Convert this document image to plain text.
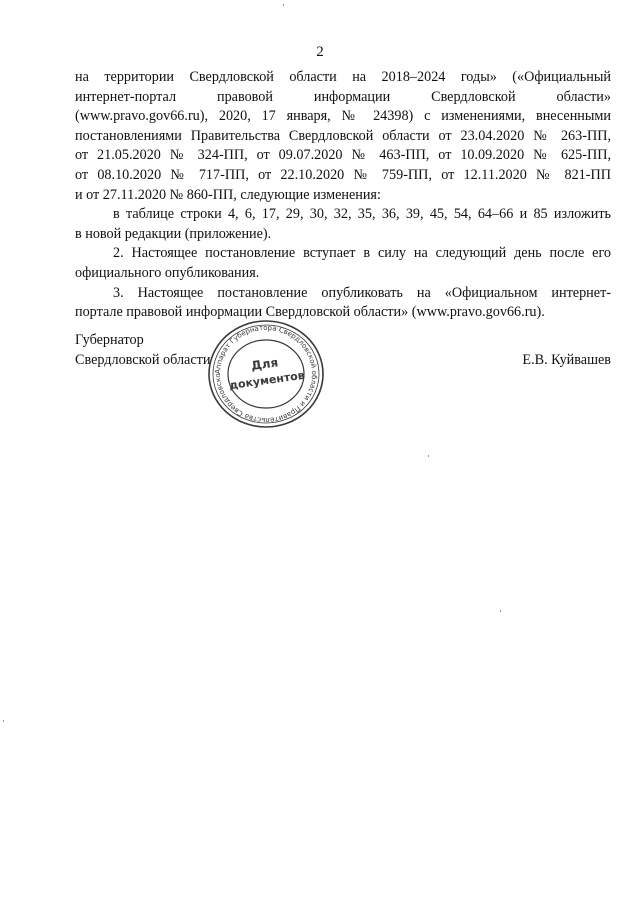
2
на территории Свердловской области на 2018–2024 годы» («Официальный
интернет-портал правовой информации Свердловской области»
(www.pravo.gov66.ru), 2020, 17 января, № 24398) с изменениями, внесенными
постановлениями Правительства Свердловской области от 23.04.2020 № 263-ПП,
от 21.05.2020 № 324-ПП, от 09.07.2020 № 463-ПП, от 10.09.2020 № 625-ПП,
от 08.10.2020 № 717-ПП, от 22.10.2020 № 759-ПП, от 12.11.2020 № 821-ПП
и от 27.11.2020 № 860-ПП, следующие изменения:
в таблице строки 4, 6, 17, 29, 30, 32, 35, 36, 39, 45, 54, 64–66 и 85 изложить
в новой редакции (приложение).
2. Настоящее постановление вступает в силу на следующий день после его
официального опубликования.
3. Настоящее постановление опубликовать на «Официальном интернет-
портале правовой информации Свердловской области» (www.pravo.gov66.ru).
Губернатор
Свердловской области	Е.В. Куйвашев
Аппарат Губернатора Свердловской области и Правительства Свердловско
Для
документов
